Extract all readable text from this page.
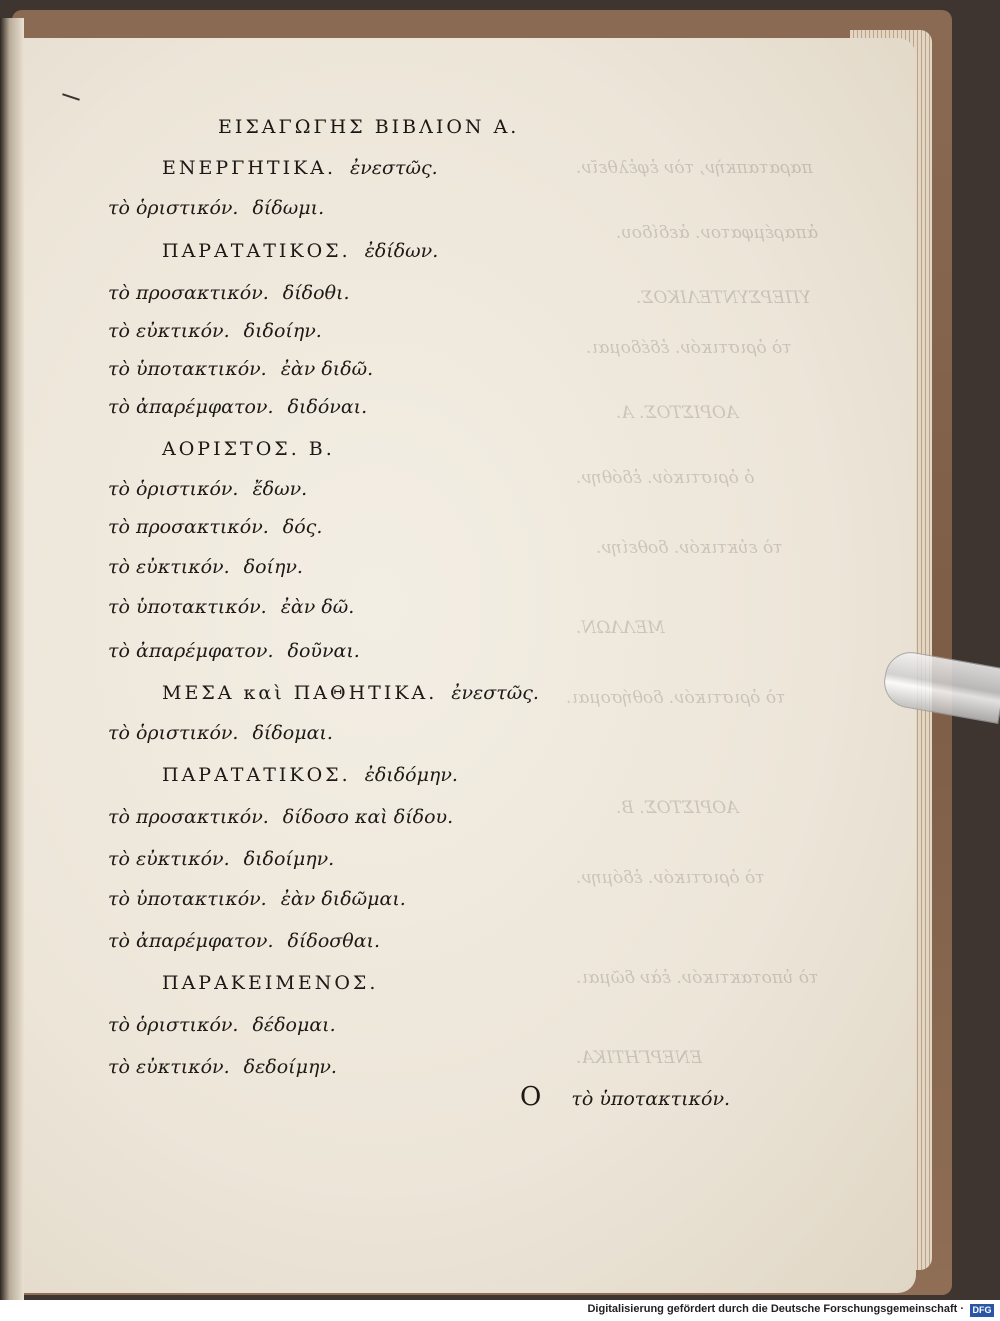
παραταπκὴν, τὸν ἐφἐλθεῖν.
ἀπαρέμφατον. ἀεδίδου.
ΥΠΕΡΣΥΝΤΕΛΙΚΟΣ.
τὸ ὁριστικόν. ἐδέδομαι.
ΑΟΡΙΣΤΟΣ. Α.
ὁ ὁριστικόν. ἐδόθην.
τὸ εὐκτικόν. δοθείην.
ΜΕΛΛΩΝ.
τὸ ὁριστικόν. δοθήσομαι.
ΑΟΡΙΣΤΟΣ. Β.
τὸ ὁριστικόν. ἐδόμην.
τὸ ὑποτακτικόν. ἐὰν δῶμαι.
ΕΝΕΡΓΗΤΙΚΑ.
ΕΙΣΑΓΩΓΗΣ ΒΙΒΛΙΟΝ Α.
ΕΝΕΡΓΗΤΙΚΑ. ἐνεστῶς.
τὸ ὁριστικόν. δίδωμι.
ΠΑΡΑΤΑΤΙΚΟΣ. ἐδίδων.
τὸ προσακτικόν. δίδοθι.
τὸ εὐκτικόν. διδοίην.
τὸ ὑποτακτικόν. ἐὰν διδῶ.
τὸ ἀπαρέμφατον. διδόναι.
ΑΟΡΙΣΤΟΣ. Β.
τὸ ὁριστικόν. ἔδων.
τὸ προσακτικόν. δός.
τὸ εὐκτικόν. δοίην.
τὸ ὑποτακτικόν. ἐὰν δῶ.
τὸ ἀπαρέμφατον. δοῦναι.
ΜΕΣΑ καὶ ΠΑΘΗΤΙΚΑ. ἐνεστῶς.
τὸ ὁριστικόν. δίδομαι.
ΠΑΡΑΤΑΤΙΚΟΣ. ἐδιδόμην.
τὸ προσακτικόν. δίδοσο καὶ δίδου.
τὸ εὐκτικόν. διδοίμην.
τὸ ὑποτακτικόν. ἐὰν διδῶμαι.
τὸ ἀπαρέμφατον. δίδοσθαι.
ΠΑΡΑΚΕΙΜΕΝΟΣ.
τὸ ὁριστικόν. δέδομαι.
τὸ εὐκτικόν. δεδοίμην.
O τὸ ὑποτακτικόν.
Digitalisierung gefördert durch die Deutsche Forschungsgemeinschaft · DFG
